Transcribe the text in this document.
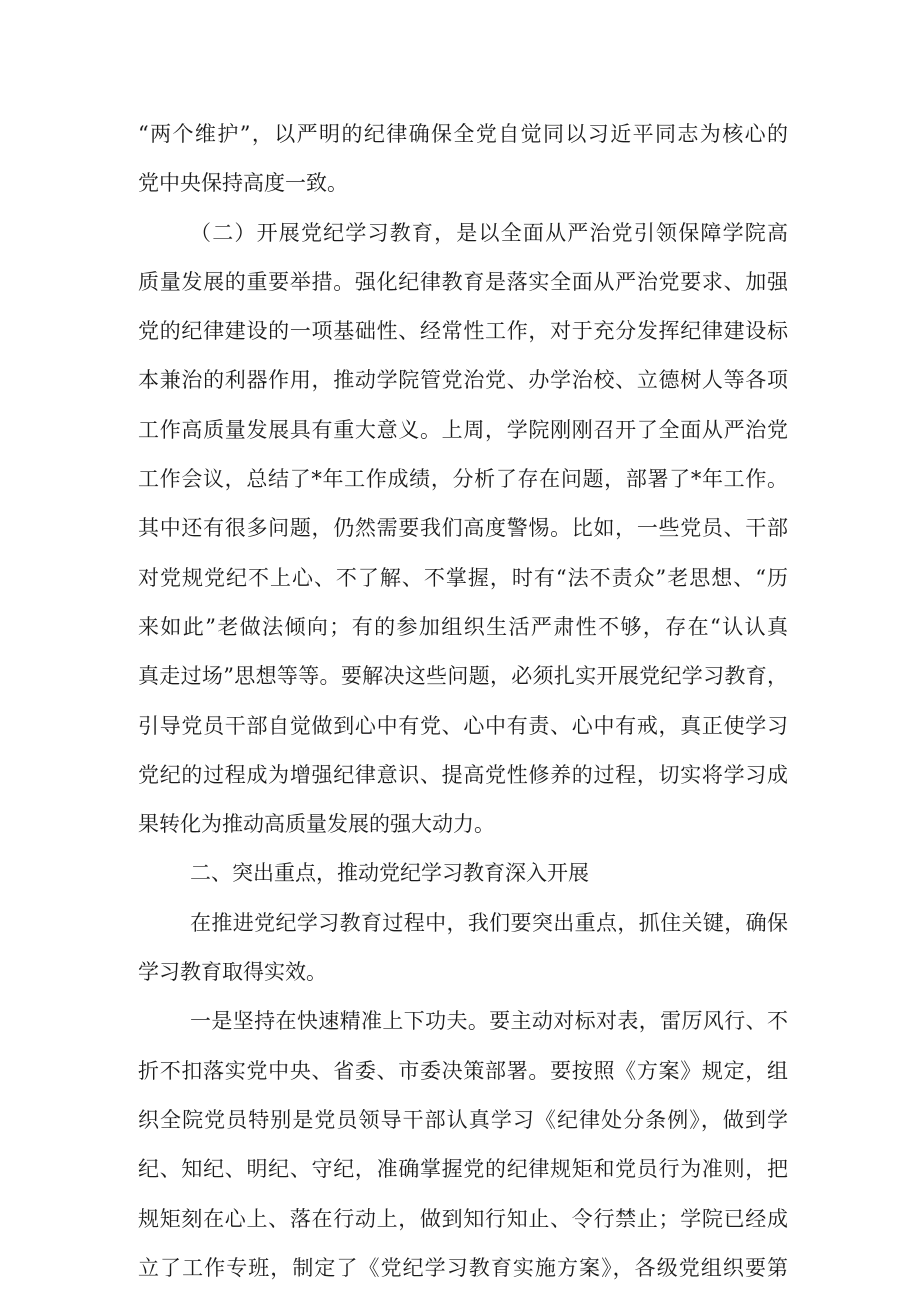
“两个维护”，以严明的纪律确保全党自觉同以习近平同志为核心的
党中央保持高度一致。
（二）开展党纪学习教育，是以全面从严治党引领保障学院高
质量发展的重要举措。强化纪律教育是落实全面从严治党要求、加强
党的纪律建设的一项基础性、经常性工作，对于充分发挥纪律建设标
本兼治的利器作用，推动学院管党治党、办学治校、立德树人等各项
工作高质量发展具有重大意义。上周，学院刚刚召开了全面从严治党
工作会议，总结了*年工作成绩，分析了存在问题，部署了*年工作。
其中还有很多问题，仍然需要我们高度警惕。比如，一些党员、干部
对党规党纪不上心、不了解、不掌握，时有“法不责众”老思想、“历
来如此”老做法倾向；有的参加组织生活严肃性不够，存在“认认真
真走过场”思想等等。要解决这些问题，必须扎实开展党纪学习教育，
引导党员干部自觉做到心中有党、心中有责、心中有戒，真正使学习
党纪的过程成为增强纪律意识、提高党性修养的过程，切实将学习成
果转化为推动高质量发展的强大动力。
二、突出重点，推动党纪学习教育深入开展
在推进党纪学习教育过程中，我们要突出重点，抓住关键，确保
学习教育取得实效。
一是坚持在快速精准上下功夫。要主动对标对表，雷厉风行、不
折不扣落实党中央、省委、市委决策部署。要按照《方案》规定，组
织全院党员特别是党员领导干部认真学习《纪律处分条例》，做到学
纪、知纪、明纪、守纪，准确掌握党的纪律规矩和党员行为准则，把
规矩刻在心上、落在行动上，做到知行知止、令行禁止；学院已经成
立了工作专班，制定了《党纪学习教育实施方案》，各级党组织要第
